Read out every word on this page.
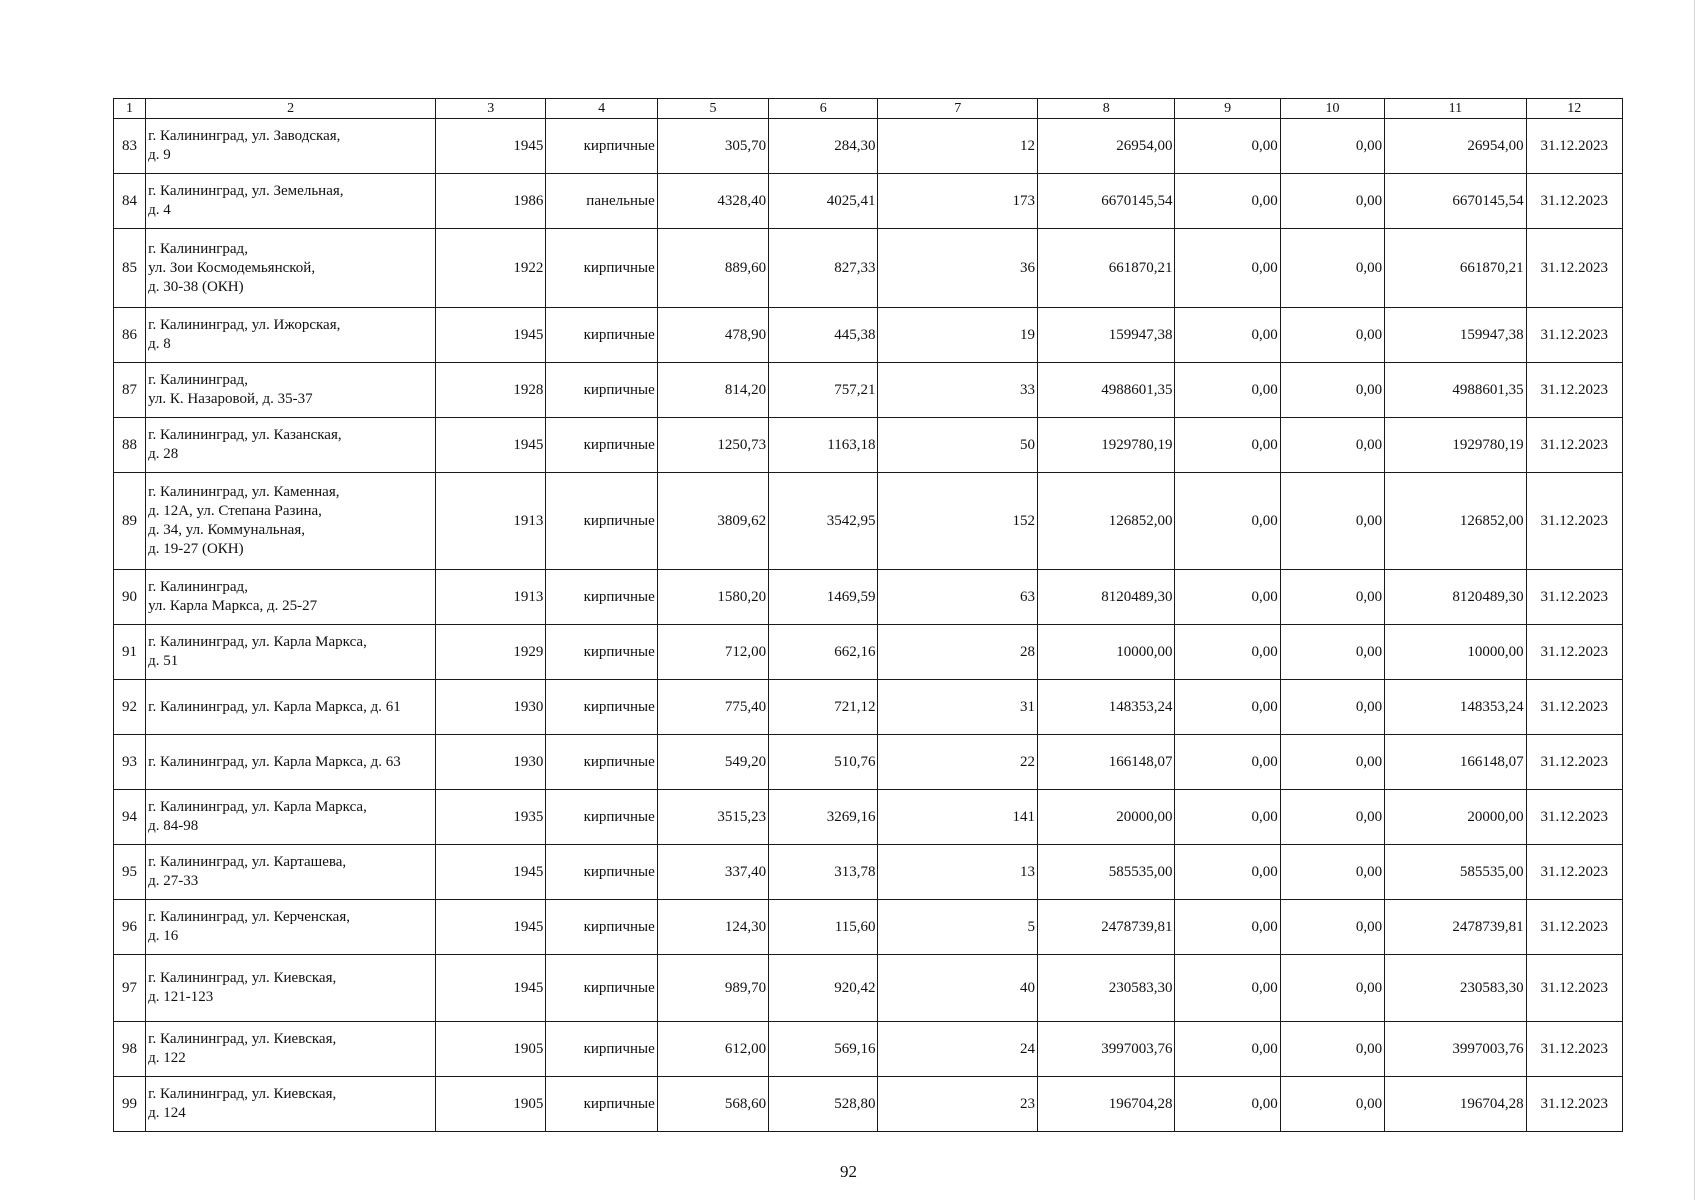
1	2	3	4	5	6	7	8	9	10	11	12
83	г. Калининград, ул. Заводская,
д. 9	1945	кирпичные	305,70	284,30	12	26954,00	0,00	0,00	26954,00	31.12.2023
84	г. Калининград, ул. Земельная,
д. 4	1986	панельные	4328,40	4025,41	173	6670145,54	0,00	0,00	6670145,54	31.12.2023
85	г. Калининград,
ул. Зои Космодемьянской,
д. 30-38 (ОКН)	1922	кирпичные	889,60	827,33	36	661870,21	0,00	0,00	661870,21	31.12.2023
86	г. Калининград, ул. Ижорская,
д. 8	1945	кирпичные	478,90	445,38	19	159947,38	0,00	0,00	159947,38	31.12.2023
87	г. Калининград,
ул. К. Назаровой, д. 35-37	1928	кирпичные	814,20	757,21	33	4988601,35	0,00	0,00	4988601,35	31.12.2023
88	г. Калининград, ул. Казанская,
д. 28	1945	кирпичные	1250,73	1163,18	50	1929780,19	0,00	0,00	1929780,19	31.12.2023
89	г. Калининград, ул. Каменная,
д. 12А, ул. Степана Разина,
д. 34, ул. Коммунальная,
д. 19-27 (ОКН)	1913	кирпичные	3809,62	3542,95	152	126852,00	0,00	0,00	126852,00	31.12.2023
90	г. Калининград,
ул. Карла Маркса, д. 25-27	1913	кирпичные	1580,20	1469,59	63	8120489,30	0,00	0,00	8120489,30	31.12.2023
91	г. Калининград, ул. Карла Маркса,
д. 51	1929	кирпичные	712,00	662,16	28	10000,00	0,00	0,00	10000,00	31.12.2023
92	г. Калининград, ул. Карла Маркса, д. 61	1930	кирпичные	775,40	721,12	31	148353,24	0,00	0,00	148353,24	31.12.2023
93	г. Калининград, ул. Карла Маркса, д. 63	1930	кирпичные	549,20	510,76	22	166148,07	0,00	0,00	166148,07	31.12.2023
94	г. Калининград, ул. Карла Маркса,
д. 84-98	1935	кирпичные	3515,23	3269,16	141	20000,00	0,00	0,00	20000,00	31.12.2023
95	г. Калининград, ул. Карташева,
д. 27-33	1945	кирпичные	337,40	313,78	13	585535,00	0,00	0,00	585535,00	31.12.2023
96	г. Калининград, ул. Керченская,
д. 16	1945	кирпичные	124,30	115,60	5	2478739,81	0,00	0,00	2478739,81	31.12.2023
97	г. Калининград, ул. Киевская,
д. 121-123	1945	кирпичные	989,70	920,42	40	230583,30	0,00	0,00	230583,30	31.12.2023
98	г. Калининград, ул. Киевская,
д. 122	1905	кирпичные	612,00	569,16	24	3997003,76	0,00	0,00	3997003,76	31.12.2023
99	г. Калининград, ул. Киевская,
д. 124	1905	кирпичные	568,60	528,80	23	196704,28	0,00	0,00	196704,28	31.12.2023
92
